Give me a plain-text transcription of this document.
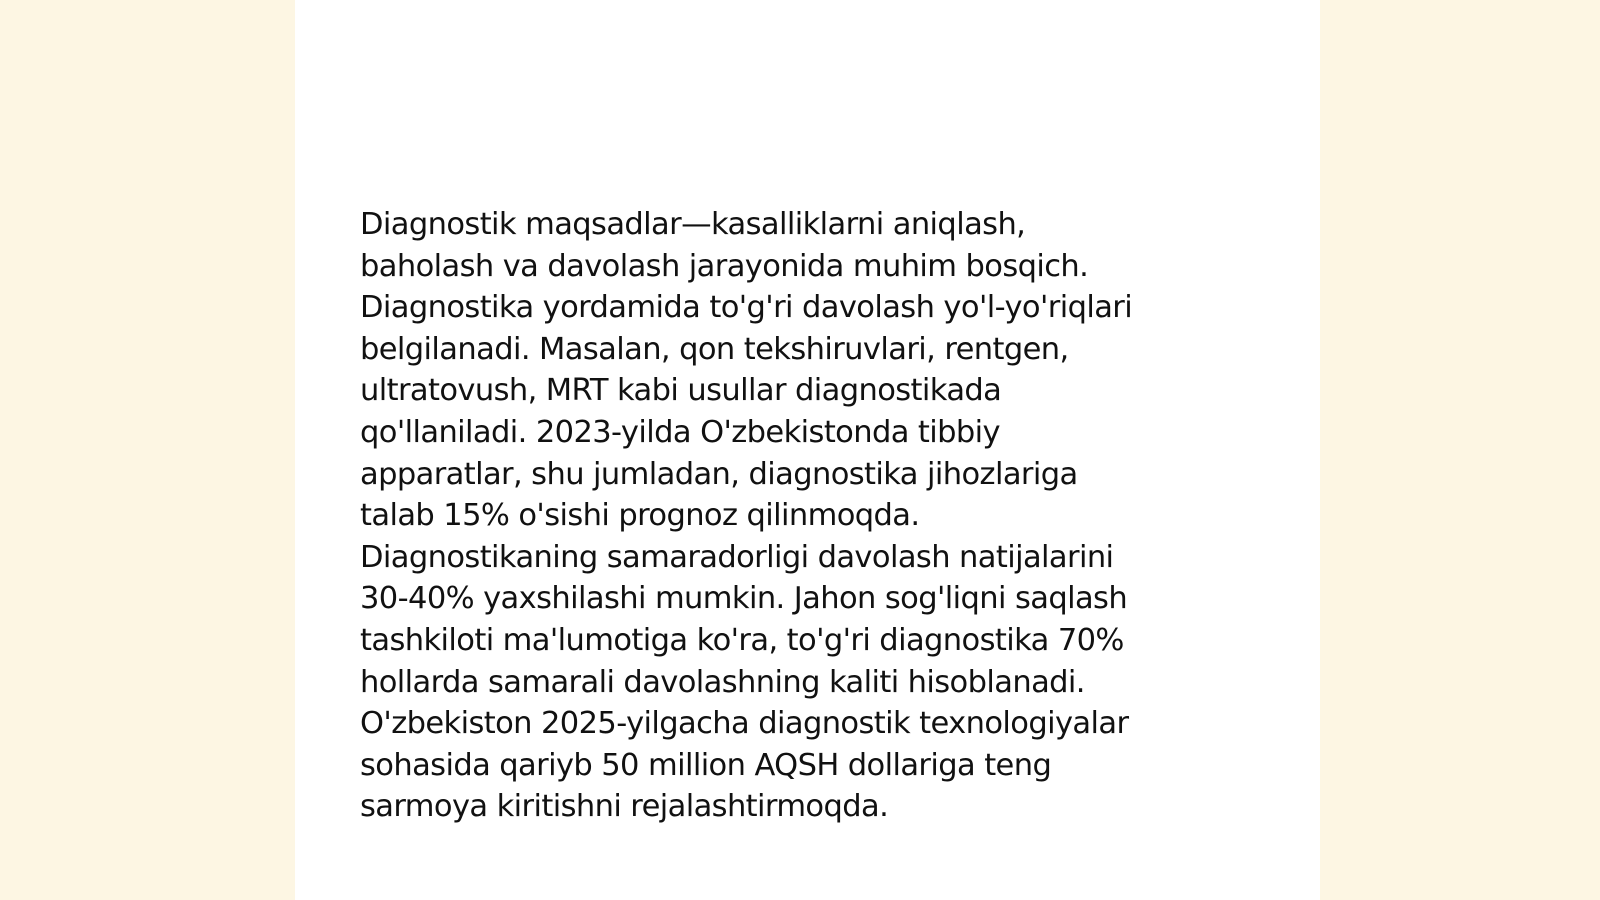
Diagnostik maqsadlar—kasalliklarni aniqlash,
baholash va davolash jarayonida muhim bosqich.
Diagnostika yordamida to'g'ri davolash yo'l-yo'riqlari
belgilanadi. Masalan, qon tekshiruvlari, rentgen,
ultratovush, MRT kabi usullar diagnostikada
qo'llaniladi. 2023-yilda O'zbekistonda tibbiy
apparatlar, shu jumladan, diagnostika jihozlariga
talab 15% o'sishi prognoz qilinmoqda.
Diagnostikaning samaradorligi davolash natijalarini
30-40% yaxshilashi mumkin. Jahon sog'liqni saqlash
tashkiloti ma'lumotiga ko'ra, to'g'ri diagnostika 70%
hollarda samarali davolashning kaliti hisoblanadi.
O'zbekiston 2025-yilgacha diagnostik texnologiyalar
sohasida qariyb 50 million AQSH dollariga teng
sarmoya kiritishni rejalashtirmoqda.
